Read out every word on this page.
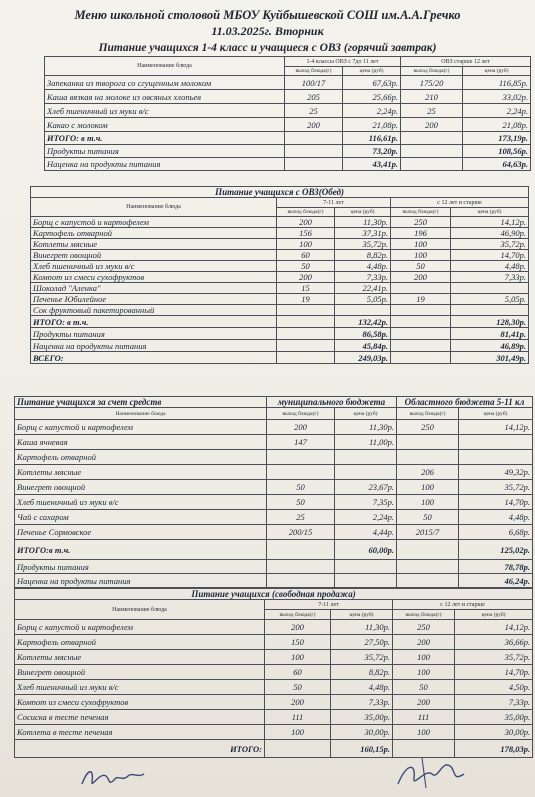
Меню школьной столовой МБОУ Куйбышевской СОШ им.А.А.Гречко
11.03.2025г. Вторник
Питание учащихся 1-4 класс и учащиеся с ОВЗ (горячий завтрак)
Наименование блюда	1-4 классы ОВЗ с 7до 11 лет		ОВЗ старше 12 лет	
	выход блюда(г)	цена (руб)	выход блюда(г)	цена (руб)
Запеканка из творога со сгущенным молоком	100/17	67,63р.	175/20	116,85р.
Каша вязкая на молоке из овсяных хлопьев	205	25,66р.	210	33,02р.
Хлеб пшеничный из муки в/с	25	2,24р.	25	2,24р.
Какао с молоком	200	21,08р.	200	21,08р.
ИТОГО: в т.ч.		116,61р.		173,19р.
Продукты питания		73,20р.		108,56р.
Наценка на продукты питания		43,41р.		64,63р.
Питание учащихся с ОВЗ(Обед)				
Наименование блюда	7-11 лет		с 12 лет и старше	
	выход блюда(г)	цена (руб)	выход блюда(г)	цена (руб)
Борщ с капустой и картофелем	200	11,30р.	250	14,12р.
Картофель отварной	156	37,31р.	196	46,90р.
Котлеты мясные	100	35,72р.	100	35,72р.
Винегрет овощной	60	8,82р.	100	14,70р.
Хлеб пшеничный из муки в/с	50	4,48р.	50	4,48р.
Компот из смеси сухофруктов	200	7,33р.	200	7,33р.
Шоколад "Аленка"	15	22,41р.		
Печенье Юбилейное	19	5,05р.	19	5,05р.
Сок фруктовый пакетированный				
ИТОГО: в т.ч.		132,42р.		128,30р.
Продукты питания		86,58р.		81,41р.
Наценка на продукты питания		45,84р.		46,89р.
ВСЕГО:		249,03р.		301,49р.
Питание учащихся за счет средств	муниципального бюджета		Областного бюджета 5-11 кл	
Наименование блюда	выход блюда(г)	цена (руб)	выход блюда(г)	цена (руб)
Борщ с капустой и картофелем	200	11,30р.	250	14,12р.
Каша ячневая	147	11,00р.		
Картофель отварной				
Котлеты мясные			206	49,32р.
Винегрет овощной	50	23,67р.	100	35,72р.
Хлеб пшеничный из муки в/с	50	7,35р.	100	14,70р.
Чай с сахаром	25	2,24р.	50	4,48р.
Печенье Сормовское	200/15	4,44р.	2015/7	6,68р.
ИТОГО:в т.ч.		60,00р.		125,02р.
Продукты питания				78,78р.
Наценка на продукты питания				46,24р.
Питание учащихся (свободная продажа)				
Наименование блюда	7-11 лет		с 12 лет и старше	
	выход блюда(г)	цена (руб)	выход блюда(г)	цена (руб)
Борщ с капустой и картофелем	200	11,30р.	250	14,12р.
Картофель отварной	150	27,50р.	200	36,66р.
Котлеты мясные	100	35,72р.	100	35,72р.
Винегрет овощной	60	8,82р.	100	14,70р.
Хлеб пшеничный из муки в/с	50	4,48р.	50	4,50р.
Компот из смеси сухофруктов	200	7,33р.	200	7,33р.
Сосиска в тесте печеная	111	35,00р.	111	35,00р.
Котлета в тесте печеная	100	30,00р.	100	30,00р.
ИТОГО:		160,15р.		178,03р.
